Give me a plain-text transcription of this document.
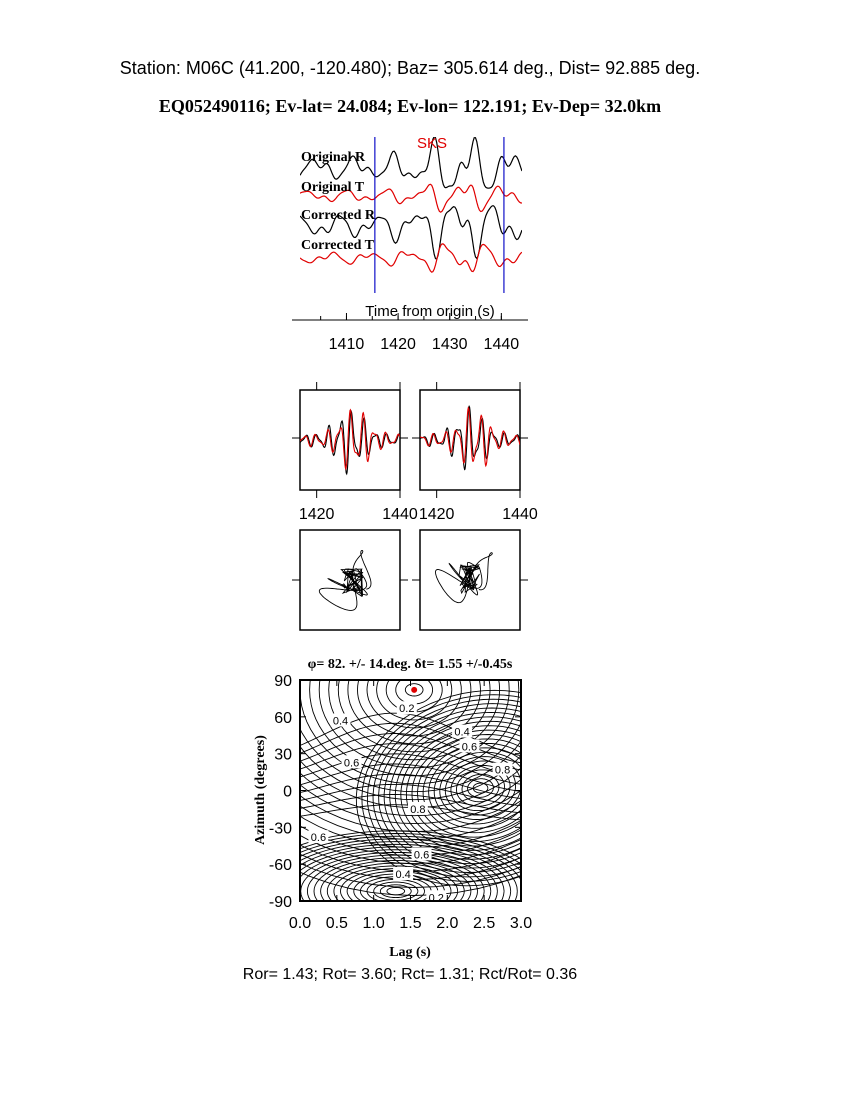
Station: M06C (41.200, -120.480); Baz= 305.614 deg., Dist= 92.885 deg.
EQ052490116; Ev-lat= 24.084; Ev-lon= 122.191; Ev-Dep= 32.0km
Original R
Original T
Corrected R
Corrected T
SKS
Time from origin (s)
1410 1420 1430 1440
1420	1440 1420	1440
φ= 82. +/- 14.deg. δt= 1.55 +/-0.45s
0.2
0.4
0.4
0.6
0.6
0.8
0.8
0.6
0.6
0.4
0.2
0.0 0.5 1.0 1.5 2.0 2.5 3.0
90
60
30
0
-30
-60
-90
Lag (s)
Azimuth (degrees)
Ror= 1.43; Rot= 3.60; Rct= 1.31; Rct/Rot= 0.36
